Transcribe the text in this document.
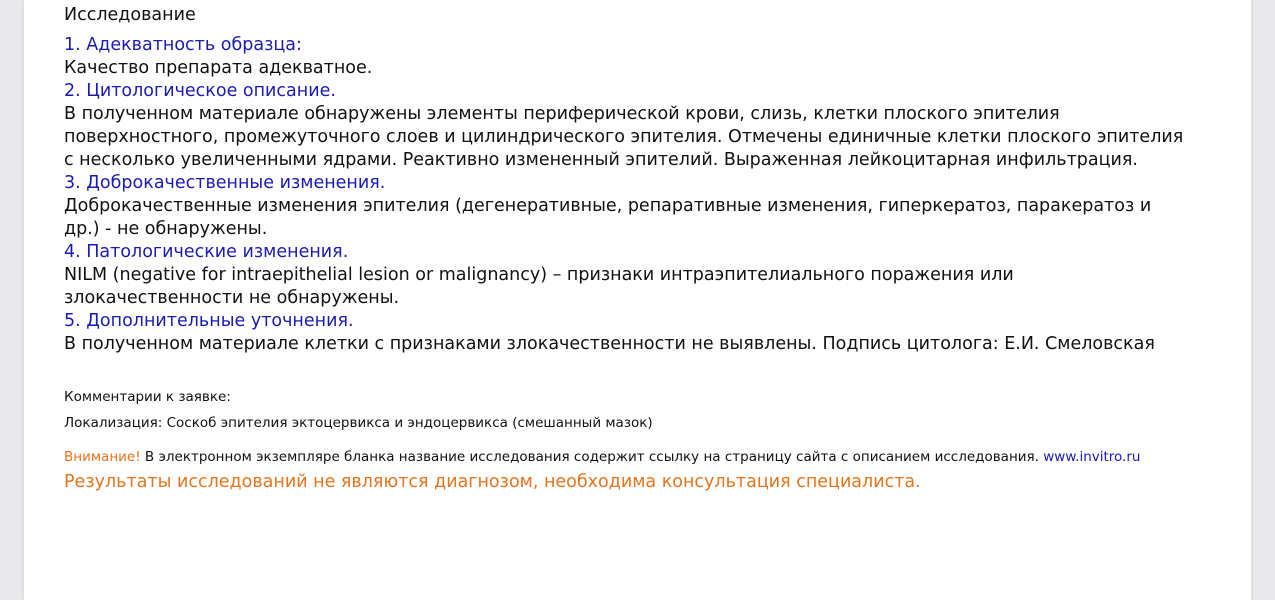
Исследование
1. Адекватность образца:
Качество препарата адекватное.
2. Цитологическое описание.
В полученном материале обнаружены элементы периферической крови, слизь, клетки плоского эпителия
поверхностного, промежуточного слоев и цилиндрического эпителия. Отмечены единичные клетки плоского эпителия
с несколько увеличенными ядрами. Реактивно измененный эпителий. Выраженная лейкоцитарная инфильтрация.
3. Доброкачественные изменения.
Доброкачественные изменения эпителия (дегенеративные, репаративные изменения, гиперкератоз, паракератоз и
др.) - не обнаружены.
4. Патологические изменения.
NILM (negative for intraepithelial lesion or malignancy) – признаки интраэпителиального поражения или
злокачественности не обнаружены.
5. Дополнительные уточнения.
В полученном материале клетки с признаками злокачественности не выявлены. Подпись цитолога: Е.И. Смеловская
Комментарии к заявке:
Локализация: Соскоб эпителия эктоцервикса и эндоцервикса (смешанный мазок)
Внимание! В электронном экземпляре бланка название исследования содержит ссылку на страницу сайта с описанием исследования. www.invitro.ru
Результаты исследований не являются диагнозом, необходима консультация специалиста.
